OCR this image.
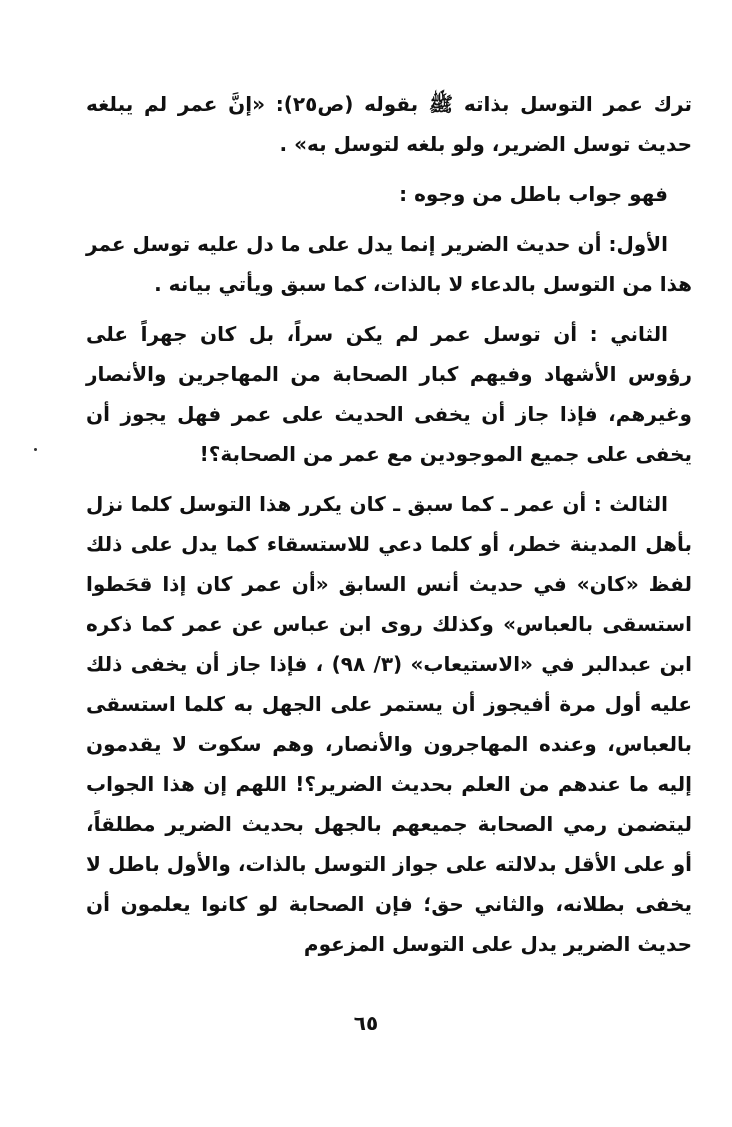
ترك عمر التوسل بذاته ﷺ بقوله (ص٢٥): «إنَّ عمر لم يبلغه حديث توسل الضرير، ولو بلغه لتوسل به» .

فهو جواب باطل من وجوه :

الأول: أن حديث الضرير إنما يدل على ما دل عليه توسل عمر هذا من التوسل بالدعاء لا بالذات، كما سبق ويأتي بيانه .

الثاني : أن توسل عمر لم يكن سراً، بل كان جهراً على رؤوس الأشهاد وفيهم كبار الصحابة من المهاجرين والأنصار وغيرهم، فإذا جاز أن يخفى الحديث على عمر فهل يجوز أن يخفى على جميع الموجودين مع عمر من الصحابة؟!

الثالث : أن عمر ـ كما سبق ـ كان يكرر هذا التوسل كلما نزل بأهل المدينة خطر، أو كلما دعي للاستسقاء كما يدل على ذلك لفظ «كان» في حديث أنس السابق «أن عمر كان إذا قحَطوا استسقى بالعباس» وكذلك روى ابن عباس عن عمر كما ذكره ابن عبدالبر في «الاستيعاب» (٣/ ٩٨) ، فإذا جاز أن يخفى ذلك عليه أول مرة أفيجوز أن يستمر على الجهل به كلما استسقى بالعباس، وعنده المهاجرون والأنصار، وهم سكوت لا يقدمون إليه ما عندهم من العلم بحديث الضرير؟! اللهم إن هذا الجواب ليتضمن رمي الصحابة جميعهم بالجهل بحديث الضرير مطلقاً، أو على الأقل بدلالته على جواز التوسل بالذات، والأول باطل لا يخفى بطلانه، والثاني حق؛ فإن الصحابة لو كانوا يعلمون أن حديث الضرير يدل على التوسل المزعوم

٦٥
